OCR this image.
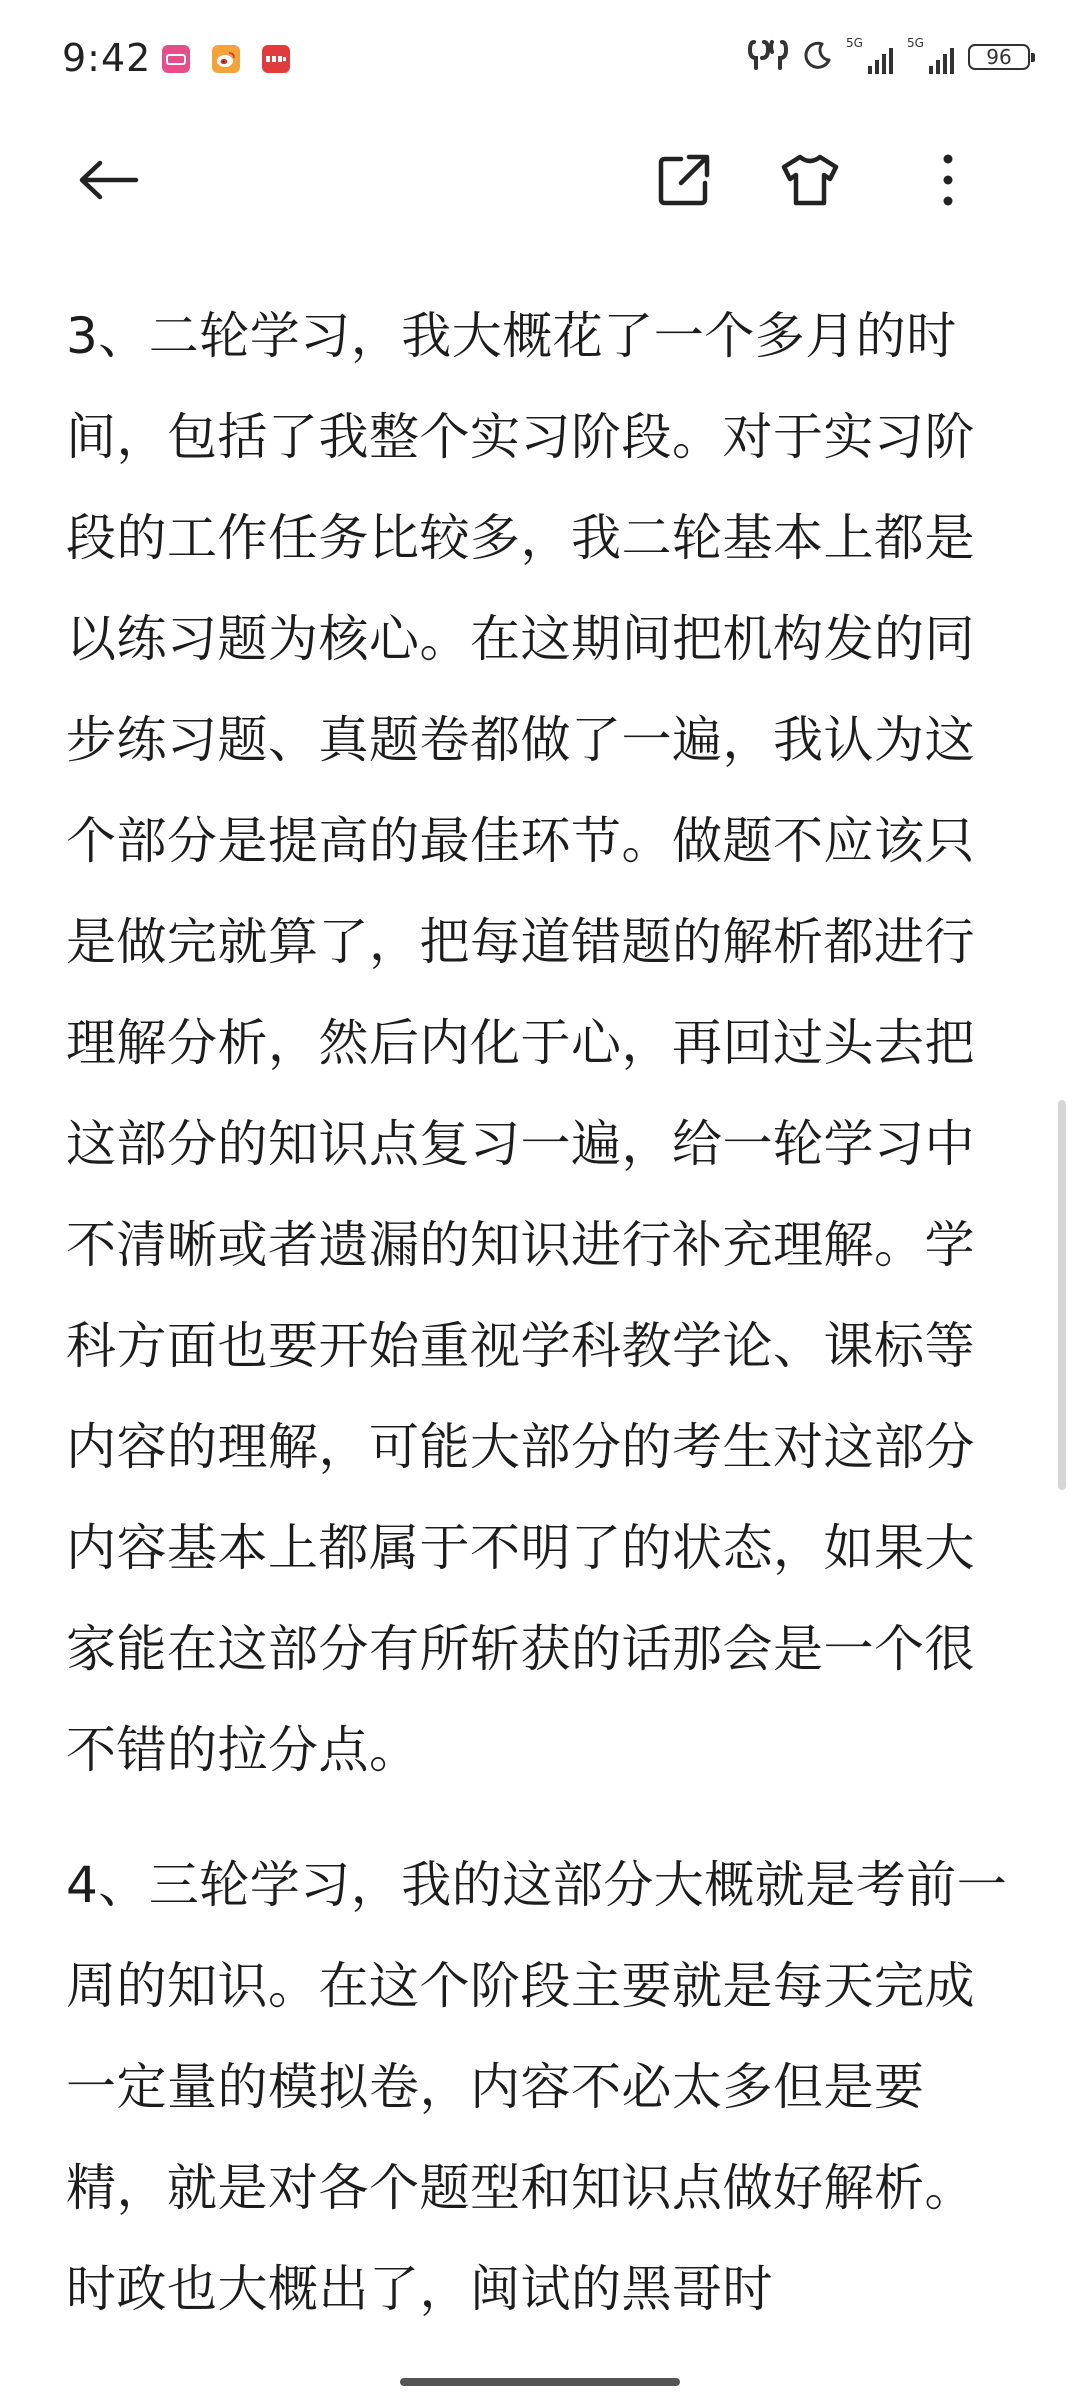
9:42	5G	5G
96

3、二轮学习，我大概花了一个多月的时间，包括了我整个实习阶段。对于实习阶段的工作任务比较多，我二轮基本上都是以练习题为核心。在这期间把机构发的同步练习题、真题卷都做了一遍，我认为这个部分是提高的最佳环节。做题不应该只是做完就算了，把每道错题的解析都进行理解分析，然后内化于心，再回过头去把这部分的知识点复习一遍，给一轮学习中不清晰或者遗漏的知识进行补充理解。学科方面也要开始重视学科教学论、课标等内容的理解，可能大部分的考生对这部分内容基本上都属于不明了的状态，如果大家能在这部分有所斩获的话那会是一个很不错的拉分点。

4、三轮学习，我的这部分大概就是考前一周的知识。在这个阶段主要就是每天完成一定量的模拟卷，内容不必太多但是要精，就是对各个题型和知识点做好解析。时政也大概出了，闽试的黑哥时
